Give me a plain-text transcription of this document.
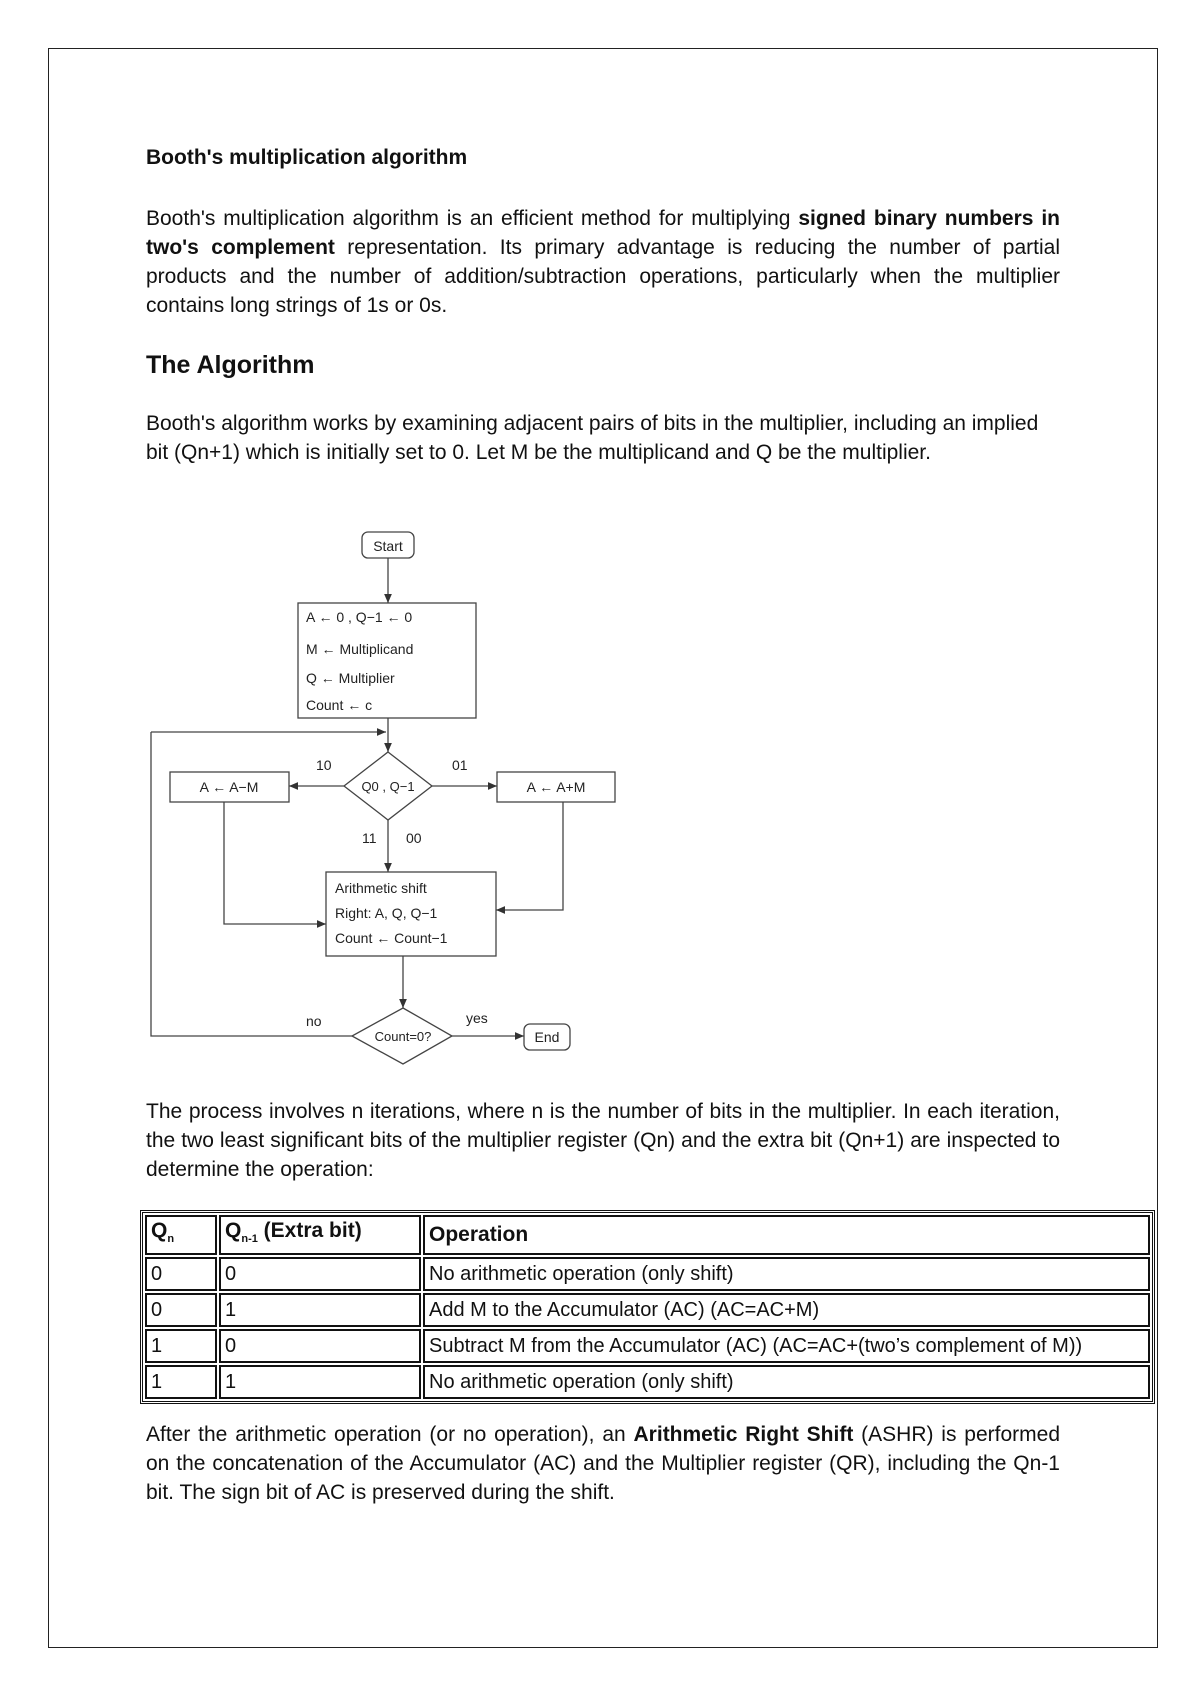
Booth's multiplication algorithm

Booth's multiplication algorithm is an efficient method for multiplying signed binary numbers in two's complement representation. Its primary advantage is reducing the number of partial products and the number of addition/subtraction operations, particularly when the multiplier contains long strings of 1s or 0s.

The Algorithm

Booth's algorithm works by examining adjacent pairs of bits in the multiplier, including an implied bit (Qn+1) which is initially set to 0. Let M be the multiplicand and Q be the multiplier.

Start
A ← 0 , Q−1 ← 0
M ← Multiplicand
Q ← Multiplier
Count ← c
Q0 , Q−1
10	01
11 00
A ← A−M	A ← A+M
Arithmetic shift
Right: A, Q, Q−1
Count ← Count−1
Count=0?
no	yes
End

The process involves n iterations, where n is the number of bits in the multiplier. In each iteration, the two least significant bits of the multiplier register (Qn) and the extra bit (Qn+1) are inspected to determine the operation:

$Q_n$	$Q_{n-1}$ (Extra bit)	Operation
0	0	No arithmetic operation (only shift)
0	1	Add M to the Accumulator (AC) (AC=AC+M)
1	0	Subtract M from the Accumulator (AC) (AC=AC+(two’s complement of M))
1	1	No arithmetic operation (only shift)

After the arithmetic operation (or no operation), an Arithmetic Right Shift (ASHR) is performed on the concatenation of the Accumulator (AC) and the Multiplier register (QR), including the Qn-1 bit. The sign bit of AC is preserved during the shift.
